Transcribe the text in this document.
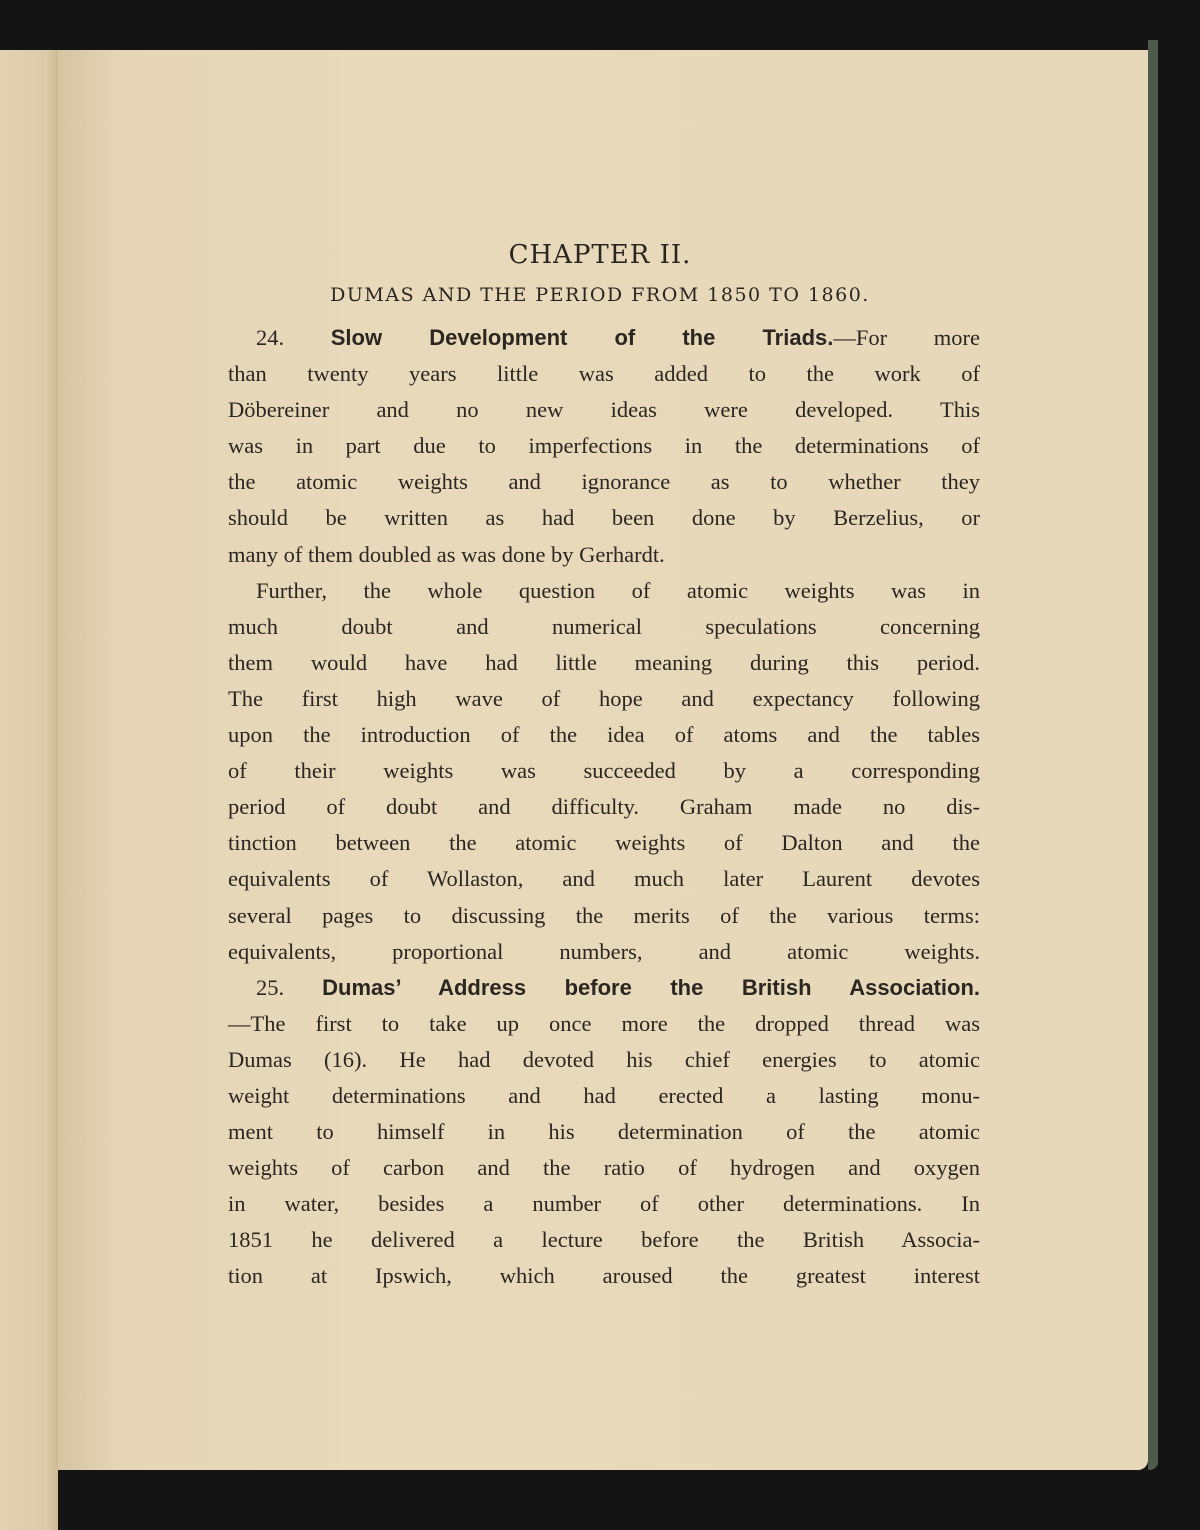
CHAPTER II.
DUMAS AND THE PERIOD FROM 1850 TO 1860.
24. Slow Development of the Triads.—For more
than twenty years little was added to the work of
Döbereiner and no new ideas were developed. This
was in part due to imperfections in the determinations of
the atomic weights and ignorance as to whether they
should be written as had been done by Berzelius, or
many of them doubled as was done by Gerhardt.
Further, the whole question of atomic weights was in
much doubt and numerical speculations concerning
them would have had little meaning during this period.
The first high wave of hope and expectancy following
upon the introduction of the idea of atoms and the tables
of their weights was succeeded by a corresponding
period of doubt and difficulty. Graham made no dis-
tinction between the atomic weights of Dalton and the
equivalents of Wollaston, and much later Laurent devotes
several pages to discussing the merits of the various terms:
equivalents, proportional numbers, and atomic weights.
25. Dumas’ Address before the British Association.
—The first to take up once more the dropped thread was
Dumas (16). He had devoted his chief energies to atomic
weight determinations and had erected a lasting monu-
ment to himself in his determination of the atomic
weights of carbon and the ratio of hydrogen and oxygen
in water, besides a number of other determinations. In
1851 he delivered a lecture before the British Associa-
tion at Ipswich, which aroused the greatest interest
